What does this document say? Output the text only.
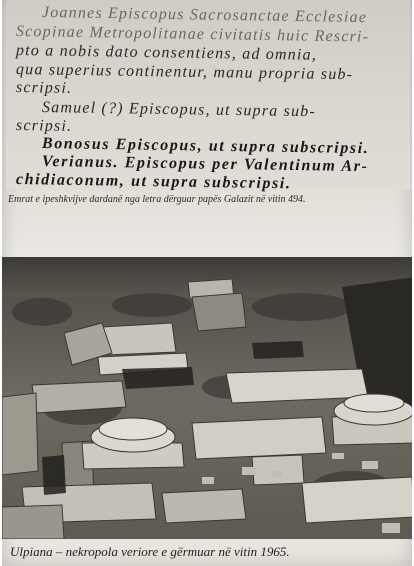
Joannes Episcopus Sacrosanctae Ecclesiae

Scopinae Metropolitanae civitatis huic Rescri-

pto a nobis dato consentiens, ad omnia,

qua superius continentur, manu propria sub-

scripsi.

Samuel (?) Episcopus, ut supra sub-

scripsi.

Bonosus Episcopus, ut supra subscripsi.

Verianus. Episcopus per Valentinum Ar-

chidiaconum, ut supra subscripsi.

Emrat e ipeshkvijve dardanë nga letra dërguar papës Galazit në vitin 494.
Ulpiana – nekropola veriore e gërmuar në vitin 1965.
